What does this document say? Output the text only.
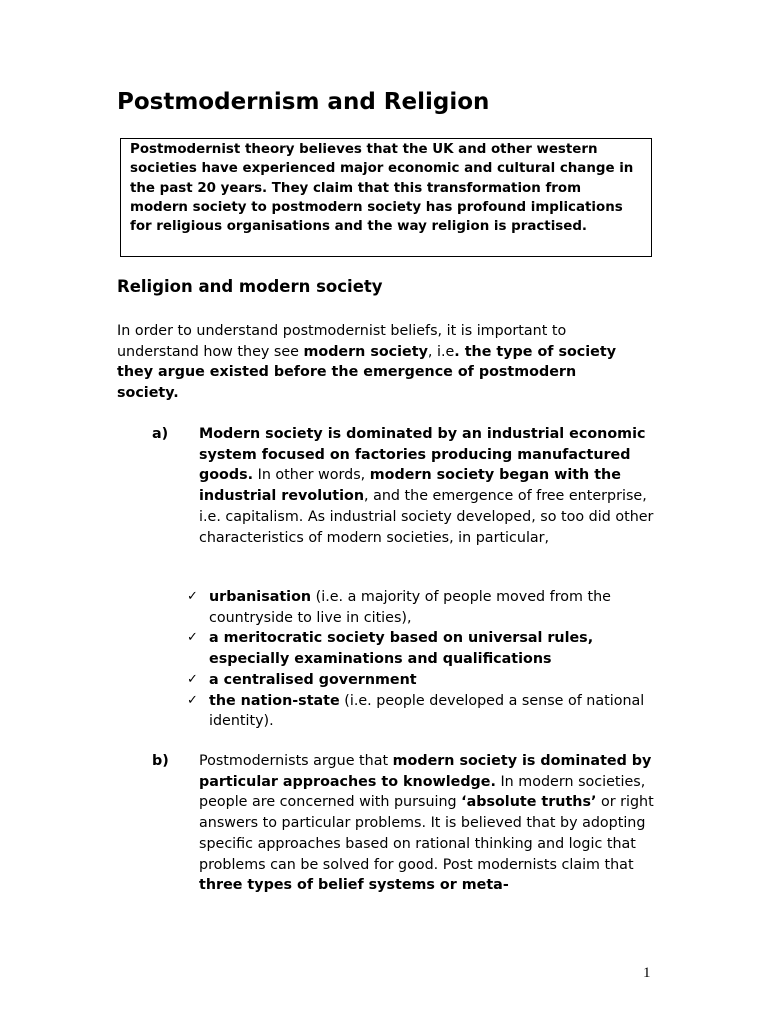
Postmodernism and Religion
Postmodernist theory believes that the UK and other western societies have experienced major economic and cultural change in the past 20 years. They claim that this transformation from modern society to postmodern society has profound implications for religious organisations and the way religion is practised.
Religion and modern society
In order to understand postmodernist beliefs, it is important to understand how they see modern society, i.e. the type of society they argue existed before the emergence of postmodern society.
a) Modern society is dominated by an industrial economic system focused on factories producing manufactured goods. In other words, modern society began with the industrial revolution, and the emergence of free enterprise, i.e. capitalism. As industrial society developed, so too did other characteristics of modern societies, in particular,
✓ urbanisation (i.e. a majority of people moved from the countryside to live in cities),
✓ a meritocratic society based on universal rules, especially examinations and qualifications
✓ a centralised government
✓ the nation-state (i.e. people developed a sense of national identity).
b) Postmodernists argue that modern society is dominated by particular approaches to knowledge. In modern societies, people are concerned with pursuing ‘absolute truths’ or right answers to particular problems. It is believed that by adopting specific approaches based on rational thinking and logic that problems can be solved for good. Post modernists claim that three types of belief systems or meta-
1
